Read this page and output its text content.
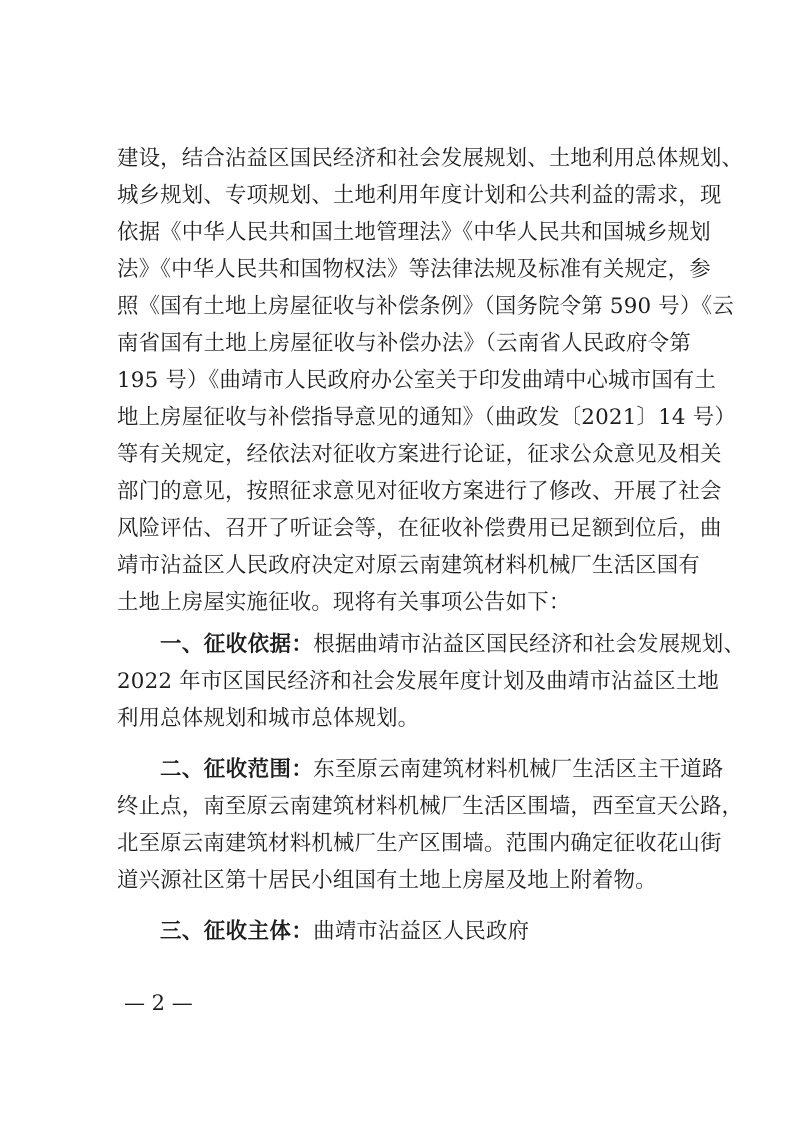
建设，结合沾益区国民经济和社会发展规划、土地利用总体规划、
城乡规划、专项规划、土地利用年度计划和公共利益的需求，现
依据《中华人民共和国土地管理法》《中华人民共和国城乡规划
法》《中华人民共和国物权法》等法律法规及标准有关规定，参
照《国有土地上房屋征收与补偿条例》（国务院令第 590 号）《云
南省国有土地上房屋征收与补偿办法》（云南省人民政府令第
195 号）《曲靖市人民政府办公室关于印发曲靖中心城市国有土
地上房屋征收与补偿指导意见的通知》（曲政发〔2021〕14 号）
等有关规定，经依法对征收方案进行论证，征求公众意见及相关
部门的意见，按照征求意见对征收方案进行了修改、开展了社会
风险评估、召开了听证会等，在征收补偿费用已足额到位后，曲
靖市沾益区人民政府决定对原云南建筑材料机械厂生活区国有
土地上房屋实施征收。现将有关事项公告如下：
一、征收依据：根据曲靖市沾益区国民经济和社会发展规划、
2022 年市区国民经济和社会发展年度计划及曲靖市沾益区土地
利用总体规划和城市总体规划。
二、征收范围：东至原云南建筑材料机械厂生活区主干道路
终止点，南至原云南建筑材料机械厂生活区围墙，西至宣天公路，
北至原云南建筑材料机械厂生产区围墙。范围内确定征收花山街
道兴源社区第十居民小组国有土地上房屋及地上附着物。
三、征收主体：曲靖市沾益区人民政府
— 2 —
